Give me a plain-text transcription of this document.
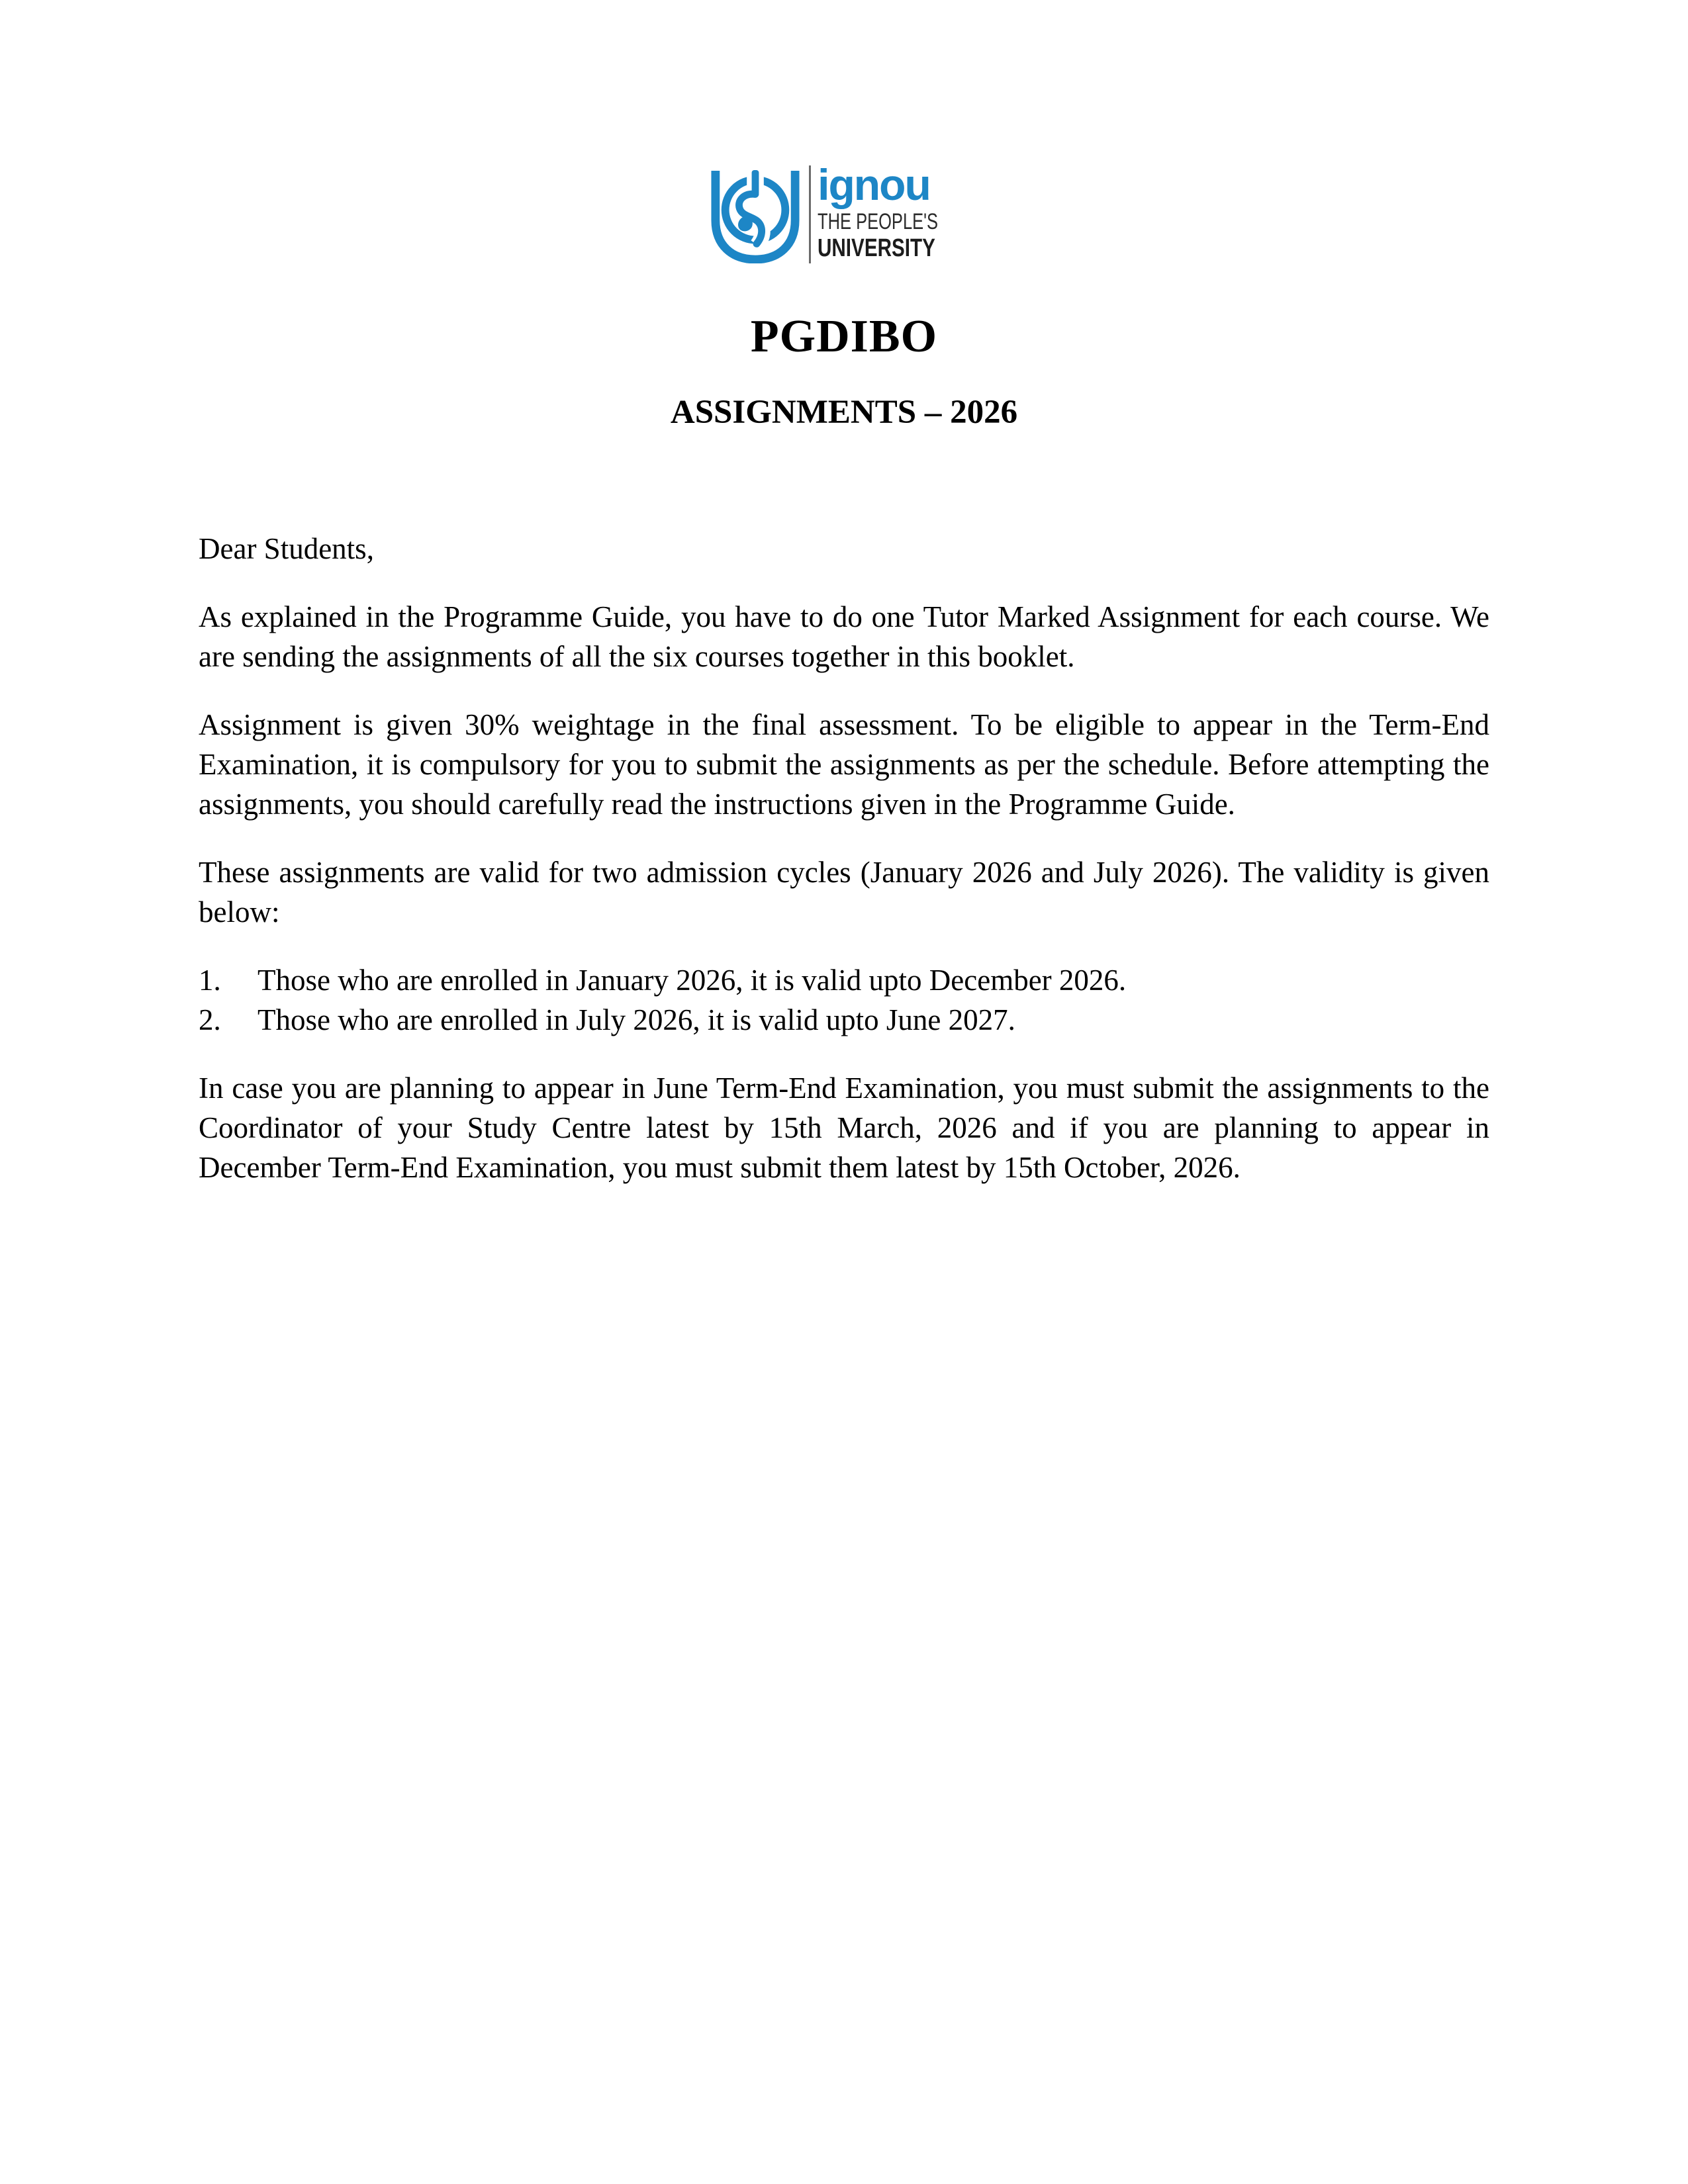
ignou
THE PEOPLE'S
UNIVERSITY
PGDIBO
ASSIGNMENTS – 2026

Dear Students,

As explained in the Programme Guide, you have to do one Tutor Marked Assignment for each course. We are sending the assignments of all the six courses together in this booklet.

Assignment is given 30% weightage in the final assessment. To be eligible to appear in the Term-End Examination, it is compulsory for you to submit the assignments as per the schedule. Before attempting the assignments, you should carefully read the instructions given in the Programme Guide.

These assignments are valid for two admission cycles (January 2026 and July 2026). The validity is given below:

1.	Those who are enrolled in January 2026, it is valid upto December 2026.
2.	Those who are enrolled in July 2026, it is valid upto June 2027.

In case you are planning to appear in June Term-End Examination, you must submit the assignments to the Coordinator of your Study Centre latest by 15th March, 2026 and if you are planning to appear in December Term-End Examination, you must submit them latest by 15th October, 2026.
